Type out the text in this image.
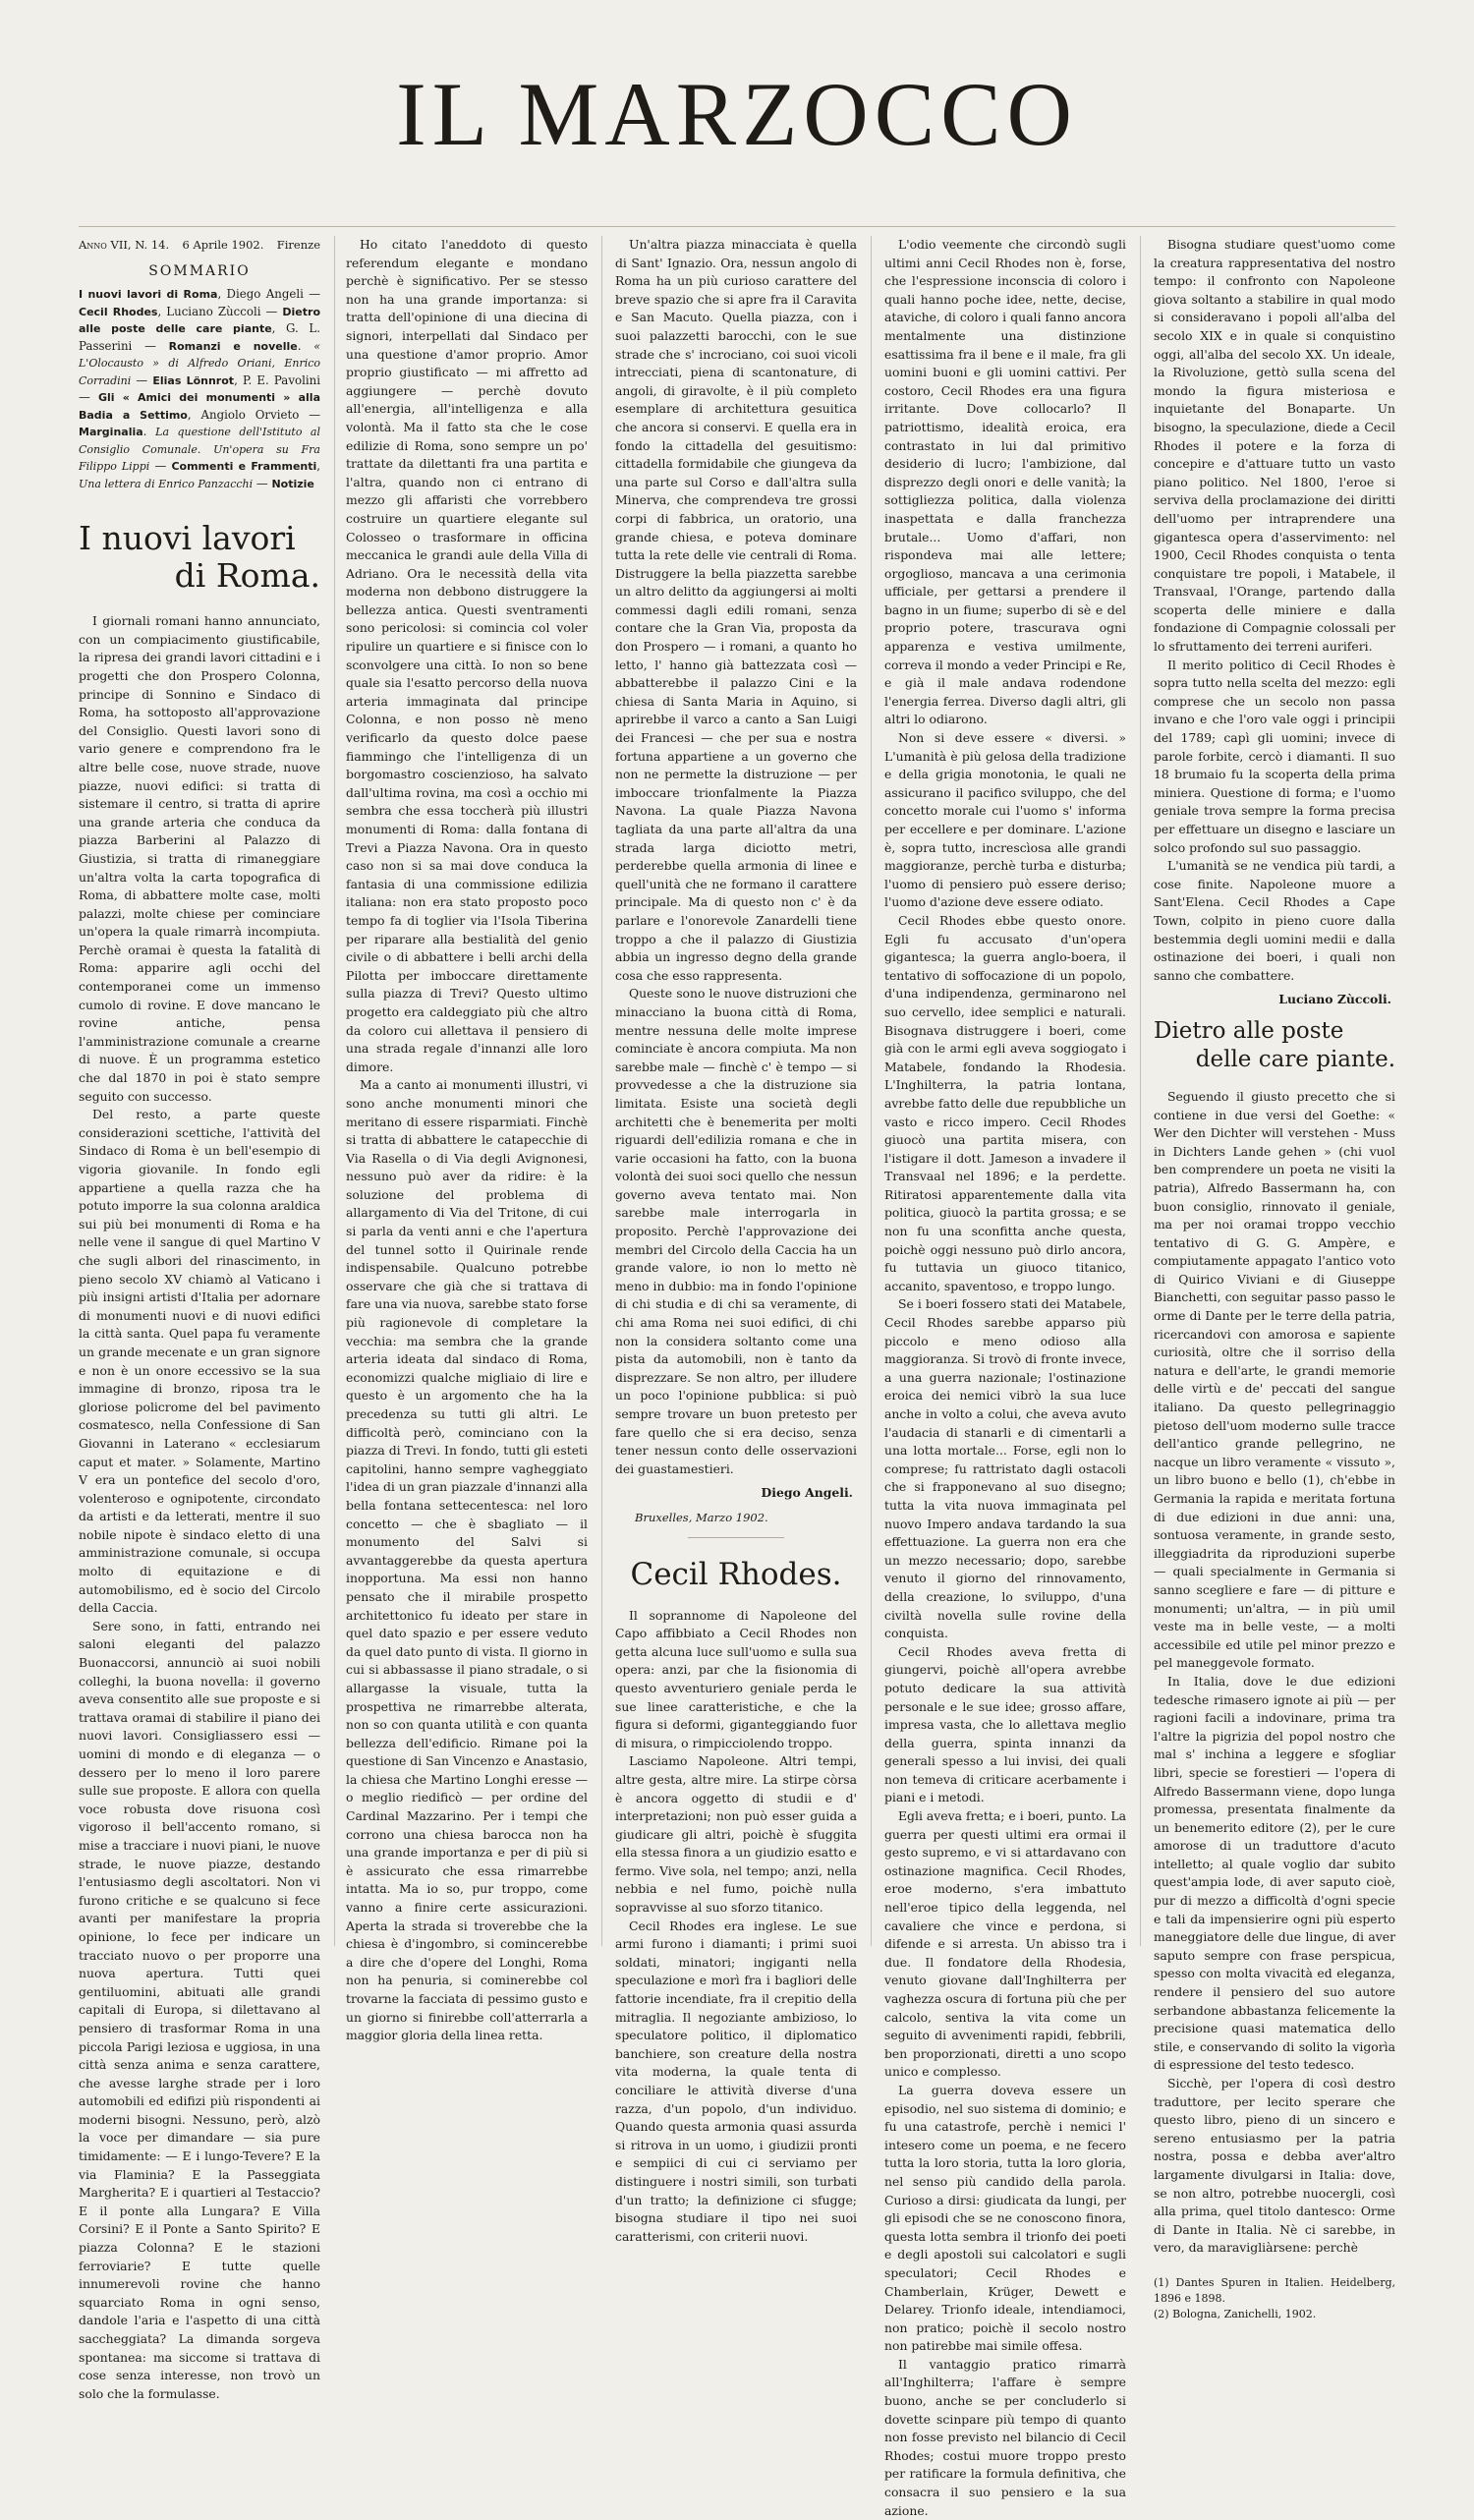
IL MARZOCCO
Anno VII, N. 14. 6 Aprile 1902. Firenze
SOMMARIO
I nuovi lavori di Roma, Diego Angeli — Cecil Rhodes, Luciano Zùccoli — Dietro alle poste delle care piante, G. L. Passerini — Romanzi e novelle. « L'Olocausto » di Alfredo Oriani, Enrico Corradini — Elias Lönnrot, P. E. Pavolini — Gli « Amici dei monumenti » alla Badia a Settimo, Angiolo Orvieto — Marginalia. La questione dell'Istituto al Consiglio Comunale. Un'opera su Fra Filippo Lippi — Commenti e Frammenti, Una lettera di Enrico Panzacchi — Notizie
I nuovi lavori
di Roma.

I giornali romani hanno annunciato, con un compiacimento giustificabile, la ripresa dei grandi lavori cittadini e i progetti che don Prospero Colonna, principe di Sonnino e Sindaco di Roma, ha sottoposto all'approvazione del Consiglio. Questi lavori sono di vario genere e comprendono fra le altre belle cose, nuove strade, nuove piazze, nuovi edifici: si tratta di sistemare il centro, si tratta di aprire una grande arteria che conduca da piazza Barberini al Palazzo di Giustizia, si tratta di rimaneggiare un'altra volta la carta topografica di Roma, di abbattere molte case, molti palazzi, molte chiese per cominciare un'opera la quale rimarrà incompiuta. Perchè oramai è questa la fatalità di Roma: apparire agli occhi del contemporanei come un immenso cumolo di rovine. E dove mancano le rovine antiche, pensa l'amministrazione comunale a crearne di nuove. È un programma estetico che dal 1870 in poi è stato sempre seguito con successo.

Del resto, a parte queste considerazioni scettiche, l'attività del Sindaco di Roma è un bell'esempio di vigoria giovanile. In fondo egli appartiene a quella razza che ha potuto imporre la sua colonna araldica sui più bei monumenti di Roma e ha nelle vene il sangue di quel Martino V che sugli albori del rinascimento, in pieno secolo XV chiamò al Vaticano i più insigni artisti d'Italia per adornare di monumenti nuovi e di nuovi edifici la città santa. Quel papa fu veramente un grande mecenate e un gran signore e non è un onore eccessivo se la sua immagine di bronzo, riposa tra le gloriose policrome del bel pavimento cosmatesco, nella Confessione di San Giovanni in Laterano « ecclesiarum caput et mater. » Solamente, Martino V era un pontefice del secolo d'oro, volenteroso e ognipotente, circondato da artisti e da letterati, mentre il suo nobile nipote è sindaco eletto di una amministrazione comunale, si occupa molto di equitazione e di automobilismo, ed è socio del Circolo della Caccia.

Sere sono, in fatti, entrando nei saloni eleganti del palazzo Buonaccorsi, annunciò ai suoi nobili colleghi, la buona novella: il governo aveva consentito alle sue proposte e si trattava oramai di stabilire il piano dei nuovi lavori. Consigliassero essi — uomini di mondo e di eleganza — o dessero per lo meno il loro parere sulle sue proposte. E allora con quella voce robusta dove risuona così vigoroso il bell'accento romano, si mise a tracciare i nuovi piani, le nuove strade, le nuove piazze, destando l'entusiasmo degli ascoltatori. Non vi furono critiche e se qualcuno si fece avanti per manifestare la propria opinione, lo fece per indicare un tracciato nuovo o per proporre una nuova apertura. Tutti quei gentiluomini, abituati alle grandi capitali di Europa, si dilettavano al pensiero di trasformar Roma in una piccola Parigi leziosa e uggiosa, in una città senza anima e senza carattere, che avesse larghe strade per i loro automobili ed edifizi più rispondenti ai moderni bisogni. Nessuno, però, alzò la voce per dimandare — sia pure timidamente: — E i lungo-Tevere? E la via Flaminia? E la Passeggiata Margherita? E i quartieri al Testaccio? E il ponte alla Lungara? E Villa Corsini? E il Ponte a Santo Spirito? E piazza Colonna? E le stazioni ferroviarie? E tutte quelle innumerevoli rovine che hanno squarciato Roma in ogni senso, dandole l'aria e l'aspetto di una città saccheggiata? La dimanda sorgeva spontanea: ma siccome si trattava di cose senza interesse, non trovò un solo che la formulasse.

Ho citato l'aneddoto di questo referendum elegante e mondano perchè è significativo. Per se stesso non ha una grande importanza: si tratta dell'opinione di una diecina di signori, interpellati dal Sindaco per una questione d'amor proprio. Amor proprio giustificato — mi affretto ad aggiungere — perchè dovuto all'energia, all'intelligenza e alla volontà. Ma il fatto sta che le cose edilizie di Roma, sono sempre un po' trattate da dilettanti fra una partita e l'altra, quando non ci entrano di mezzo gli affaristi che vorrebbero costruire un quartiere elegante sul Colosseo o trasformare in officina meccanica le grandi aule della Villa di Adriano. Ora le necessità della vita moderna non debbono distruggere la bellezza antica. Questi sventramenti sono pericolosi: si comincia col voler ripulire un quartiere e si finisce con lo sconvolgere una città. Io non so bene quale sia l'esatto percorso della nuova arteria immaginata dal principe Colonna, e non posso nè meno verificarlo da questo dolce paese fiammingo che l'intelligenza di un borgomastro coscienzioso, ha salvato dall'ultima rovina, ma così a occhio mi sembra che essa toccherà più illustri monumenti di Roma: dalla fontana di Trevi a Piazza Navona. Ora in questo caso non si sa mai dove conduca la fantasia di una commissione edilizia italiana: non era stato proposto poco tempo fa di toglier via l'Isola Tiberina per riparare alla bestialità del genio civile o di abbattere i belli archi della Pilotta per imboccare direttamente sulla piazza di Trevi? Questo ultimo progetto era caldeggiato più che altro da coloro cui allettava il pensiero di una strada regale d'innanzi alle loro dimore.

Ma a canto ai monumenti illustri, vi sono anche monumenti minori che meritano di essere risparmiati. Finchè si tratta di abbattere le catapecchie di Via Rasella o di Via degli Avignonesi, nessuno può aver da ridire: è la soluzione del problema di allargamento di Via del Tritone, di cui si parla da venti anni e che l'apertura del tunnel sotto il Quirinale rende indispensabile. Qualcuno potrebbe osservare che già che si trattava di fare una via nuova, sarebbe stato forse più ragionevole di completare la vecchia: ma sembra che la grande arteria ideata dal sindaco di Roma, economizzi qualche migliaio di lire e questo è un argomento che ha la precedenza su tutti gli altri. Le difficoltà però, cominciano con la piazza di Trevi. In fondo, tutti gli esteti capitolini, hanno sempre vagheggiato l'idea di un gran piazzale d'innanzi alla bella fontana settecentesca: nel loro concetto — che è sbagliato — il monumento del Salvi si avvantaggerebbe da questa apertura inopportuna. Ma essi non hanno pensato che il mirabile prospetto architettonico fu ideato per stare in quel dato spazio e per essere veduto da quel dato punto di vista. Il giorno in cui si abbassasse il piano stradale, o si allargasse la visuale, tutta la prospettiva ne rimarrebbe alterata, non so con quanta utilità e con quanta bellezza dell'edificio. Rimane poi la questione di San Vincenzo e Anastasio, la chiesa che Martino Longhi eresse — o meglio riedificò — per ordine del Cardinal Mazzarino. Per i tempi che corrono una chiesa barocca non ha una grande importanza e per di più si è assicurato che essa rimarrebbe intatta. Ma io so, pur troppo, come vanno a finire certe assicurazioni. Aperta la strada si troverebbe che la chiesa è d'ingombro, si comincerebbe a dire che d'opere del Longhi, Roma non ha penuria, si cominerebbe col trovarne la facciata di pessimo gusto e un giorno si finirebbe coll'atterrarla a maggior gloria della linea retta.

Un'altra piazza minacciata è quella di Sant' Ignazio. Ora, nessun angolo di Roma ha un più curioso carattere del breve spazio che si apre fra il Caravita e San Macuto. Quella piazza, con i suoi palazzetti barocchi, con le sue strade che s' incrociano, coi suoi vicoli intrecciati, piena di scantonature, di angoli, di giravolte, è il più completo esemplare di architettura gesuitica che ancora si conservi. E quella era in fondo la cittadella del gesuitismo: cittadella formidabile che giungeva da una parte sul Corso e dall'altra sulla Minerva, che comprendeva tre grossi corpi di fabbrica, un oratorio, una grande chiesa, e poteva dominare tutta la rete delle vie centrali di Roma. Distruggere la bella piazzetta sarebbe un altro delitto da aggiungersi ai molti commessi dagli edili romani, senza contare che la Gran Via, proposta da don Prospero — i romani, a quanto ho letto, l' hanno già battezzata così — abbatterebbe il palazzo Cini e la chiesa di Santa Maria in Aquino, si aprirebbe il varco a canto a San Luigi dei Francesi — che per sua e nostra fortuna appartiene a un governo che non ne permette la distruzione — per imboccare trionfalmente la Piazza Navona. La quale Piazza Navona tagliata da una parte all'altra da una strada larga diciotto metri, perderebbe quella armonia di linee e quell'unità che ne formano il carattere principale. Ma di questo non c' è da parlare e l'onorevole Zanardelli tiene troppo a che il palazzo di Giustizia abbia un ingresso degno della grande cosa che esso rappresenta.

Queste sono le nuove distruzioni che minacciano la buona città di Roma, mentre nessuna delle molte imprese cominciate è ancora compiuta. Ma non sarebbe male — finchè c' è tempo — si provvedesse a che la distruzione sia limitata. Esiste una società degli architetti che è benemerita per molti riguardi dell'edilizia romana e che in varie occasioni ha fatto, con la buona volontà dei suoi soci quello che nessun governo aveva tentato mai. Non sarebbe male interrogarla in proposito. Perchè l'approvazione dei membri del Circolo della Caccia ha un grande valore, io non lo metto nè meno in dubbio: ma in fondo l'opinione di chi studia e di chi sa veramente, di chi ama Roma nei suoi edifici, di chi non la considera soltanto come una pista da automobili, non è tanto da disprezzare. Se non altro, per illudere un poco l'opinione pubblica: si può sempre trovare un buon pretesto per fare quello che si era deciso, senza tener nessun conto delle osservazioni dei guastamestieri.

Diego Angeli.
Bruxelles, Marzo 1902.
Cecil Rhodes.

Il soprannome di Napoleone del Capo affibbiato a Cecil Rhodes non getta alcuna luce sull'uomo e sulla sua opera: anzi, par che la fisionomia di questo avventuriero geniale perda le sue linee caratteristiche, e che la figura si deformi, giganteggiando fuor di misura, o rimpicciolendo troppo.

Lasciamo Napoleone. Altri tempi, altre gesta, altre mire. La stirpe còrsa è ancora oggetto di studii e d' interpretazioni; non può esser guida a giudicare gli altri, poichè è sfuggita ella stessa finora a un giudizio esatto e fermo. Vive sola, nel tempo; anzi, nella nebbia e nel fumo, poichè nulla sopravvisse al suo sforzo titanico.

Cecil Rhodes era inglese. Le sue armi furono i diamanti; i primi suoi soldati, minatori; ingiganti nella speculazione e morì fra i bagliori delle fattorie incendiate, fra il crepitio della mitraglia. Il negoziante ambizioso, lo speculatore politico, il diplomatico banchiere, son creature della nostra vita moderna, la quale tenta di conciliare le attività diverse d'una razza, d'un popolo, d'un individuo. Quando questa armonia quasi assurda si ritrova in un uomo, i giudizii pronti e sempiici di cui ci serviamo per distinguere i nostri simili, son turbati d'un tratto; la definizione ci sfugge; bisogna studiare il tipo nei suoi caratterismi, con criterii nuovi.

L'odio veemente che circondò sugli ultimi anni Cecil Rhodes non è, forse, che l'espressione inconscia di coloro i quali hanno poche idee, nette, decise, ataviche, di coloro i quali fanno ancora mentalmente una distinzione esattissima fra il bene e il male, fra gli uomini buoni e gli uomini cattivi. Per costoro, Cecil Rhodes era una figura irritante. Dove collocarlo? Il patriottismo, idealità eroica, era contrastato in lui dal primitivo desiderio di lucro; l'ambizione, dal disprezzo degli onori e delle vanità; la sottigliezza politica, dalla violenza inaspettata e dalla franchezza brutale... Uomo d'affari, non rispondeva mai alle lettere; orgoglioso, mancava a una cerimonia ufficiale, per gettarsi a prendere il bagno in un fiume; superbo di sè e del proprio potere, trascurava ogni apparenza e vestiva umilmente, correva il mondo a veder Principi e Re, e già il male andava rodendone l'energia ferrea. Diverso dagli altri, gli altri lo odiarono.

Non si deve essere « diversi. » L'umanità è più gelosa della tradizione e della grigia monotonia, le quali ne assicurano il pacifico sviluppo, che del concetto morale cui l'uomo s' informa per eccellere e per dominare. L'azione è, sopra tutto, increscìosa alle grandi maggioranze, perchè turba e disturba; l'uomo di pensiero può essere deriso; l'uomo d'azione deve essere odiato.

Cecil Rhodes ebbe questo onore. Egli fu accusato d'un'opera gigantesca; la guerra anglo-boera, il tentativo di soffocazione di un popolo, d'una indipendenza, germinarono nel suo cervello, idee semplici e naturali. Bisognava distruggere i boeri, come già con le armi egli aveva soggiogato i Matabele, fondando la Rhodesia. L'Inghilterra, la patria lontana, avrebbe fatto delle due repubbliche un vasto e ricco impero. Cecil Rhodes giuocò una partita misera, con l'istigare il dott. Jameson a invadere il Transvaal nel 1896; e la perdette. Ritiratosi apparentemente dalla vita politica, giuocò la partita grossa; e se non fu una sconfitta anche questa, poichè oggi nessuno può dirlo ancora, fu tuttavia un giuoco titanico, accanito, spaventoso, e troppo lungo.

Se i boeri fossero stati dei Matabele, Cecil Rhodes sarebbe apparso più piccolo e meno odioso alla maggioranza. Si trovò di fronte invece, a una guerra nazionale; l'ostinazione eroica dei nemici vibrò la sua luce anche in volto a colui, che aveva avuto l'audacia di stanarli e di cimentarli a una lotta mortale... Forse, egli non lo comprese; fu rattristato dagli ostacoli che si frapponevano al suo disegno; tutta la vita nuova immaginata pel nuovo Impero andava tardando la sua effettuazione. La guerra non era che un mezzo necessario; dopo, sarebbe venuto il giorno del rinnovamento, della creazione, lo sviluppo, d'una civiltà novella sulle rovine della conquista.

Cecil Rhodes aveva fretta di giungervi, poichè all'opera avrebbe potuto dedicare la sua attività personale e le sue idee; grosso affare, impresa vasta, che lo allettava meglio della guerra, spinta innanzi da generali spesso a lui invisi, dei quali non temeva di criticare acerbamente i piani e i metodi.

Egli aveva fretta; e i boeri, punto. La guerra per questi ultimi era ormai il gesto supremo, e vi si attardavano con ostinazione magnifica. Cecil Rhodes, eroe moderno, s'era imbattuto nell'eroe tipico della leggenda, nel cavaliere che vince e perdona, si difende e si arresta. Un abisso tra i due. Il fondatore della Rhodesia, venuto giovane dall'Inghilterra per vaghezza oscura di fortuna più che per calcolo, sentiva la vita come un seguito di avvenimenti rapidi, febbrili, ben proporzionati, diretti a uno scopo unico e complesso.

La guerra doveva essere un episodio, nel suo sistema di dominio; e fu una catastrofe, perchè i nemici l' intesero come un poema, e ne fecero tutta la loro storia, tutta la loro gloria, nel senso più candido della parola. Curioso a dirsi: giudicata da lungi, per gli episodi che se ne conoscono finora, questa lotta sembra il trionfo dei poeti e degli apostoli sui calcolatori e sugli speculatori; Cecil Rhodes e Chamberlain, Krüger, Dewett e Delarey. Trionfo ideale, intendiamoci, non pratico; poichè il secolo nostro non patirebbe mai simile offesa.

Il vantaggio pratico rimarrà all'Inghilterra; l'affare è sempre buono, anche se per concluderlo si dovette scinpare più tempo di quanto non fosse previsto nel bilancio di Cecil Rhodes; costui muore troppo presto per ratificare la formula definitiva, che consacra il suo pensiero e la sua azione.

Bisogna studiare quest'uomo come la creatura rappresentativa del nostro tempo: il confronto con Napoleone giova soltanto a stabilire in qual modo si consideravano i popoli all'alba del secolo XIX e in quale si conquistino oggi, all'alba del secolo XX. Un ideale, la Rivoluzione, gettò sulla scena del mondo la figura misteriosa e inquietante del Bonaparte. Un bisogno, la speculazione, diede a Cecil Rhodes il potere e la forza di concepire e d'attuare tutto un vasto piano politico. Nel 1800, l'eroe si serviva della proclamazione dei diritti dell'uomo per intraprendere una gigantesca opera d'asservimento: nel 1900, Cecil Rhodes conquista o tenta conquistare tre popoli, i Matabele, il Transvaal, l'Orange, partendo dalla scoperta delle miniere e dalla fondazione di Compagnie colossali per lo sfruttamento dei terreni auriferi.

Il merito politico di Cecil Rhodes è sopra tutto nella scelta del mezzo: egli comprese che un secolo non passa invano e che l'oro vale oggi i principii del 1789; capì gli uomini; invece di parole forbite, cercò i diamanti. Il suo 18 brumaio fu la scoperta della prima miniera. Questione di forma; e l'uomo geniale trova sempre la forma precisa per effettuare un disegno e lasciare un solco profondo sul suo passaggio.

L'umanità se ne vendica più tardi, a cose finite. Napoleone muore a Sant'Elena. Cecil Rhodes a Cape Town, colpito in pieno cuore dalla bestemmia degli uomini medii e dalla ostinazione dei boeri, i quali non sanno che combattere.

Luciano Zùccoli.
Dietro alle poste
delle care piante.

Seguendo il giusto precetto che si contiene in due versi del Goethe: « Wer den Dichter will verstehen - Muss in Dichters Lande gehen » (chi vuol ben comprendere un poeta ne visiti la patria), Alfredo Bassermann ha, con buon consiglio, rinnovato il geniale, ma per noi oramai troppo vecchio tentativo di G. G. Ampère, e compiutamente appagato l'antico voto di Quirico Viviani e di Giuseppe Bianchetti, con seguitar passo passo le orme di Dante per le terre della patria, ricercandovi con amorosa e sapiente curiosità, oltre che il sorriso della natura e dell'arte, le grandi memorie delle virtù e de' peccati del sangue italiano. Da questo pellegrinaggio pietoso dell'uom moderno sulle tracce dell'antico grande pellegrino, ne nacque un libro veramente « vissuto », un libro buono e bello (1), ch'ebbe in Germania la rapida e meritata fortuna di due edizioni in due anni: una, sontuosa veramente, in grande sesto, illeggiadrita da riproduzioni superbe — quali specialmente in Germania si sanno scegliere e fare — di pitture e monumenti; un'altra, — in più umil veste ma in belle veste, — a molti accessibile ed utile pel minor prezzo e pel maneggevole formato.

In Italia, dove le due edizioni tedesche rimasero ignote ai più — per ragioni facili a indovinare, prima tra l'altre la pigrizia del popol nostro che mal s' inchina a leggere e sfogliar libri, specie se forestieri — l'opera di Alfredo Bassermann viene, dopo lunga promessa, presentata finalmente da un benemerito editore (2), per le cure amorose di un traduttore d'acuto intelletto; al quale voglio dar subito quest'ampia lode, di aver saputo cioè, pur di mezzo a difficoltà d'ogni specie e tali da impensierire ogni più esperto maneggiatore delle due lingue, di aver saputo sempre con frase perspicua, spesso con molta vivacità ed eleganza, rendere il pensiero del suo autore serbandone abbastanza felicemente la precisione quasi matematica dello stile, e conservando di solito la vigorìa di espressione del testo tedesco.

Sicchè, per l'opera di così destro traduttore, per lecito sperare che questo libro, pieno di un sincero e sereno entusiasmo per la patria nostra, possa e debba aver'altro largamente divulgarsi in Italia: dove, se non altro, potrebbe nuocergli, così alla prima, quel titolo dantesco: Orme di Dante in Italia. Nè ci sarebbe, in vero, da maravigliàrsene: perchè

(1) Dantes Spuren in Italien. Heidelberg, 1896 e 1898.
(2) Bologna, Zanichelli, 1902.
